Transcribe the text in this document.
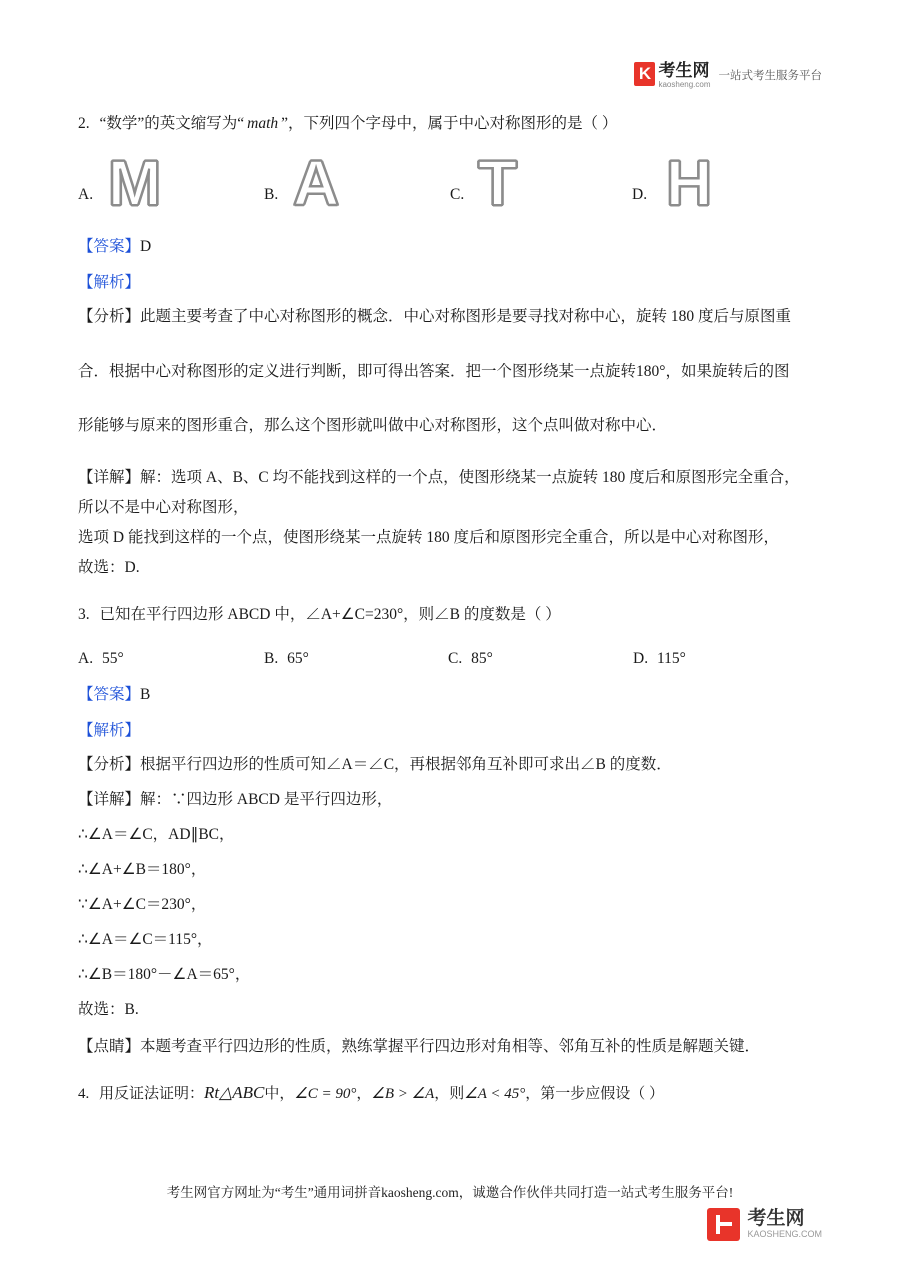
K 考生网
kaosheng.com
一站式考生服务平台
2. “数学”的英文缩写为“ math ”，下列四个字母中，属于中心对称图形的是（ ）
A. M	B. A	C. T	D. H
【答案】D
【解析】
【分析】此题主要考查了中心对称图形的概念．中心对称图形是要寻找对称中心，旋转 180 度后与原图重
合．根据中心对称图形的定义进行判断，即可得出答案．把一个图形绕某一点旋转180°，如果旋转后的图
形能够与原来的图形重合，那么这个图形就叫做中心对称图形，这个点叫做对称中心．
【详解】解：选项 A、B、C 均不能找到这样的一个点，使图形绕某一点旋转 180 度后和原图形完全重合，
所以不是中心对称图形，
选项 D 能找到这样的一个点，使图形绕某一点旋转 180 度后和原图形完全重合，所以是中心对称图形，
故选：D.
3. 已知在平行四边形 ABCD 中，∠A+∠C=230°，则∠B 的度数是（ ）
A. 55°	B. 65°	C. 85°	D. 115°
【答案】B
【解析】
【分析】根据平行四边形的性质可知∠A＝∠C，再根据邻角互补即可求出∠B 的度数．
【详解】解：∵四边形 ABCD 是平行四边形，
∴∠A＝∠C，AD∥BC，
∴∠A+∠B＝180°，
∵∠A+∠C＝230°，
∴∠A＝∠C＝115°，
∴∠B＝180°－∠A＝65°，
故选：B.
【点睛】本题考查平行四边形的性质，熟练掌握平行四边形对角相等、邻角互补的性质是解题关键．
4. 用反证法证明：Rt△ABC中，∠C = 90°，∠B > ∠A，则∠A < 45°，第一步应假设（ ）
考生网官方网址为“考生”通用词拼音kaosheng.com，诚邀合作伙伴共同打造一站式考生服务平台!
考生网
KAOSHENG.COM
